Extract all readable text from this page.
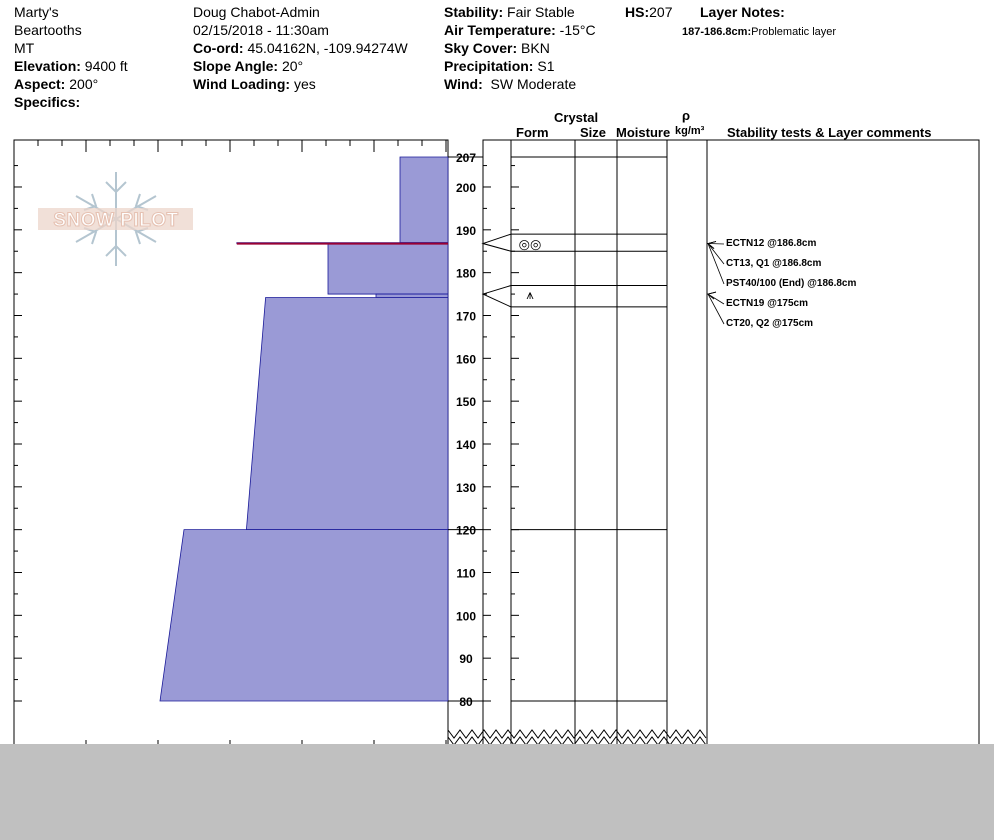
Marty's
Beartooths
MT
Elevation: 9400 ft
Aspect: 200°
Specifics:
Doug Chabot-Admin
02/15/2018 - 11:30am
Co-ord: 45.04162N, -109.94274W
Slope Angle: 20°
Wind Loading: yes
Stability: Fair Stable
Air Temperature: -15°C
Sky Cover: BKN
Precipitation: S1
Wind: SW Moderate
HS:207 Layer Notes:
187-186.8cm:Problematic layer
Crystal
Form Size Moisture
ρ
kg/m³ Stability tests & Layer comments
207
200
190
180
170
160
150
140
130
120
110
100
90
80
◎◎
⩚
SNOW PILOT
ECTN12 @186.8cm
CT13, Q1 @186.8cm
PST40/100 (End) @186.8cm
ECTN19 @175cm
CT20, Q2 @175cm
